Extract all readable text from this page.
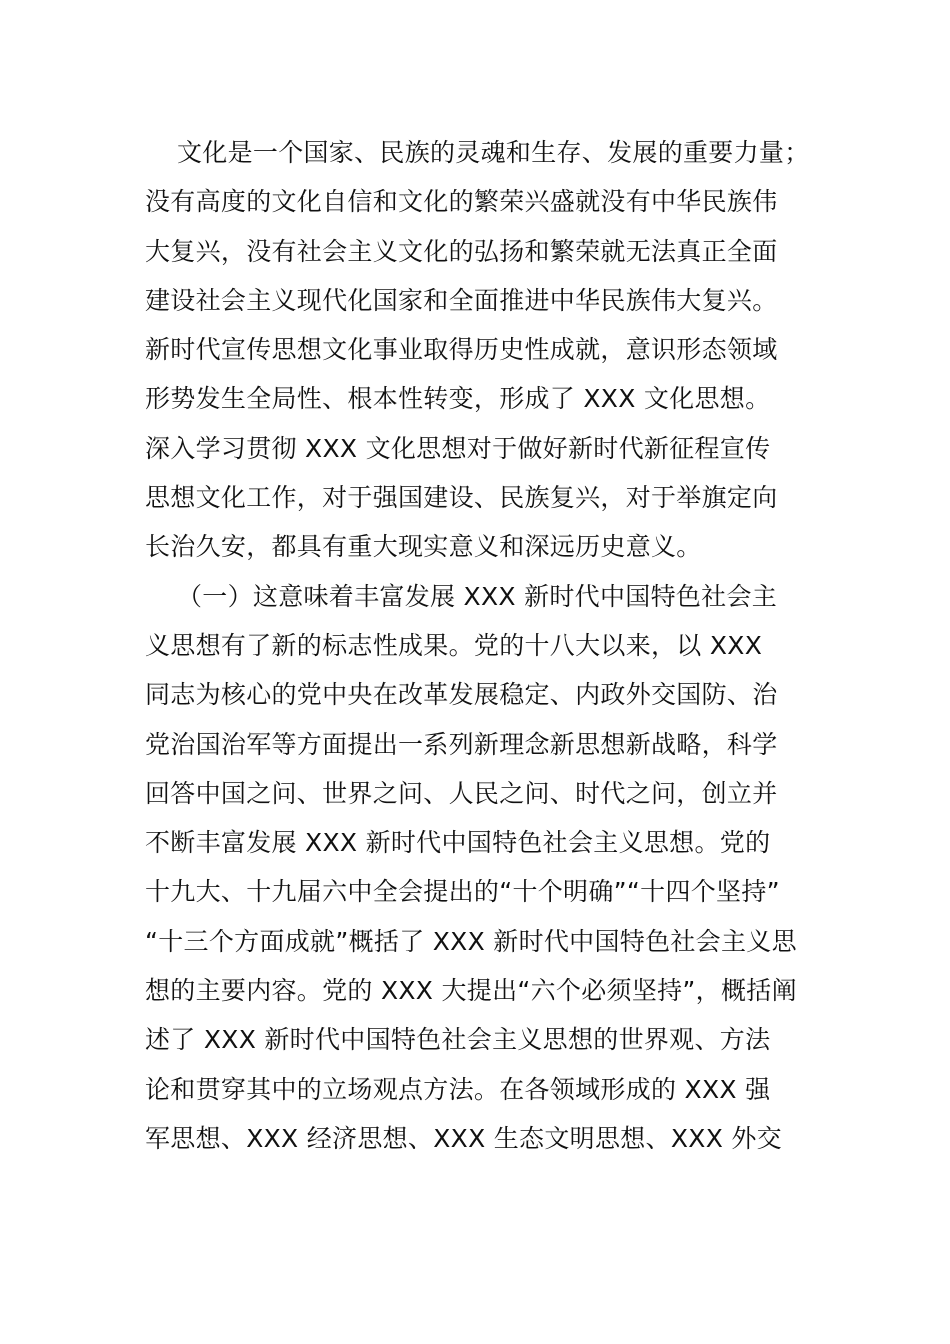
文化是一个国家、民族的灵魂和生存、发展的重要力量；
没有高度的文化自信和文化的繁荣兴盛就没有中华民族伟
大复兴，没有社会主义文化的弘扬和繁荣就无法真正全面
建设社会主义现代化国家和全面推进中华民族伟大复兴。
新时代宣传思想文化事业取得历史性成就，意识形态领域
形势发生全局性、根本性转变，形成了 XXX 文化思想。
深入学习贯彻 XXX 文化思想对于做好新时代新征程宣传
思想文化工作，对于强国建设、民族复兴，对于举旗定向
长治久安，都具有重大现实意义和深远历史意义。
（一）这意味着丰富发展 XXX 新时代中国特色社会主
义思想有了新的标志性成果。党的十八大以来，以 XXX
同志为核心的党中央在改革发展稳定、内政外交国防、治
党治国治军等方面提出一系列新理念新思想新战略，科学
回答中国之问、世界之问、人民之问、时代之问，创立并
不断丰富发展 XXX 新时代中国特色社会主义思想。党的
十九大、十九届六中全会提出的“十个明确”“十四个坚持”
“十三个方面成就”概括了 XXX 新时代中国特色社会主义思
想的主要内容。党的 XXX 大提出“六个必须坚持”，概括阐
述了 XXX 新时代中国特色社会主义思想的世界观、方法
论和贯穿其中的立场观点方法。在各领域形成的 XXX 强
军思想、XXX 经济思想、XXX 生态文明思想、XXX 外交
